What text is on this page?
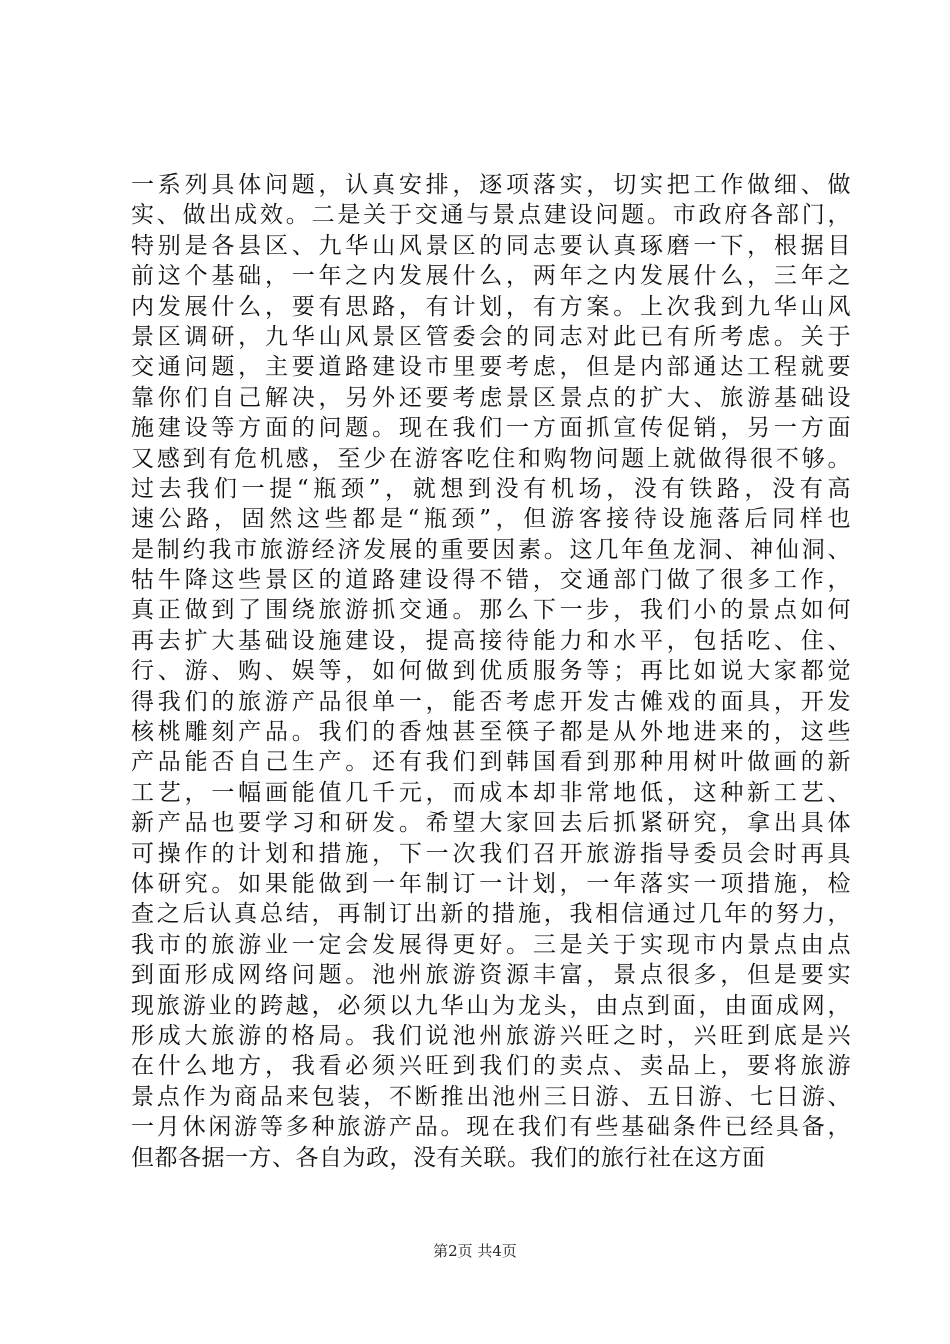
一系列具体问题，认真安排，逐项落实，切实把工作做细、做
实、做出成效。二是关于交通与景点建设问题。市政府各部门，
特别是各县区、九华山风景区的同志要认真琢磨一下，根据目
前这个基础，一年之内发展什么，两年之内发展什么，三年之
内发展什么，要有思路，有计划，有方案。上次我到九华山风
景区调研，九华山风景区管委会的同志对此已有所考虑。关于
交通问题，主要道路建设市里要考虑，但是内部通达工程就要
靠你们自己解决，另外还要考虑景区景点的扩大、旅游基础设
施建设等方面的问题。现在我们一方面抓宣传促销，另一方面
又感到有危机感，至少在游客吃住和购物问题上就做得很不够。
过去我们一提“瓶颈”，就想到没有机场，没有铁路，没有高
速公路，固然这些都是“瓶颈”，但游客接待设施落后同样也
是制约我市旅游经济发展的重要因素。这几年鱼龙洞、神仙洞、
牯牛降这些景区的道路建设得不错，交通部门做了很多工作，
真正做到了围绕旅游抓交通。那么下一步，我们小的景点如何
再去扩大基础设施建设，提高接待能力和水平，包括吃、住、
行、游、购、娱等，如何做到优质服务等；再比如说大家都觉
得我们的旅游产品很单一，能否考虑开发古傩戏的面具，开发
核桃雕刻产品。我们的香烛甚至筷子都是从外地进来的，这些
产品能否自己生产。还有我们到韩国看到那种用树叶做画的新
工艺，一幅画能值几千元，而成本却非常地低，这种新工艺、
新产品也要学习和研发。希望大家回去后抓紧研究，拿出具体
可操作的计划和措施，下一次我们召开旅游指导委员会时再具
体研究。如果能做到一年制订一计划，一年落实一项措施，检
查之后认真总结，再制订出新的措施，我相信通过几年的努力，
我市的旅游业一定会发展得更好。三是关于实现市内景点由点
到面形成网络问题。池州旅游资源丰富，景点很多，但是要实
现旅游业的跨越，必须以九华山为龙头，由点到面，由面成网，
形成大旅游的格局。我们说池州旅游兴旺之时，兴旺到底是兴
在什么地方，我看必须兴旺到我们的卖点、卖品上，要将旅游
景点作为商品来包装，不断推出池州三日游、五日游、七日游、
一月休闲游等多种旅游产品。现在我们有些基础条件已经具备，
但都各据一方、各自为政，没有关联。我们的旅行社在这方面
第2页 共4页
